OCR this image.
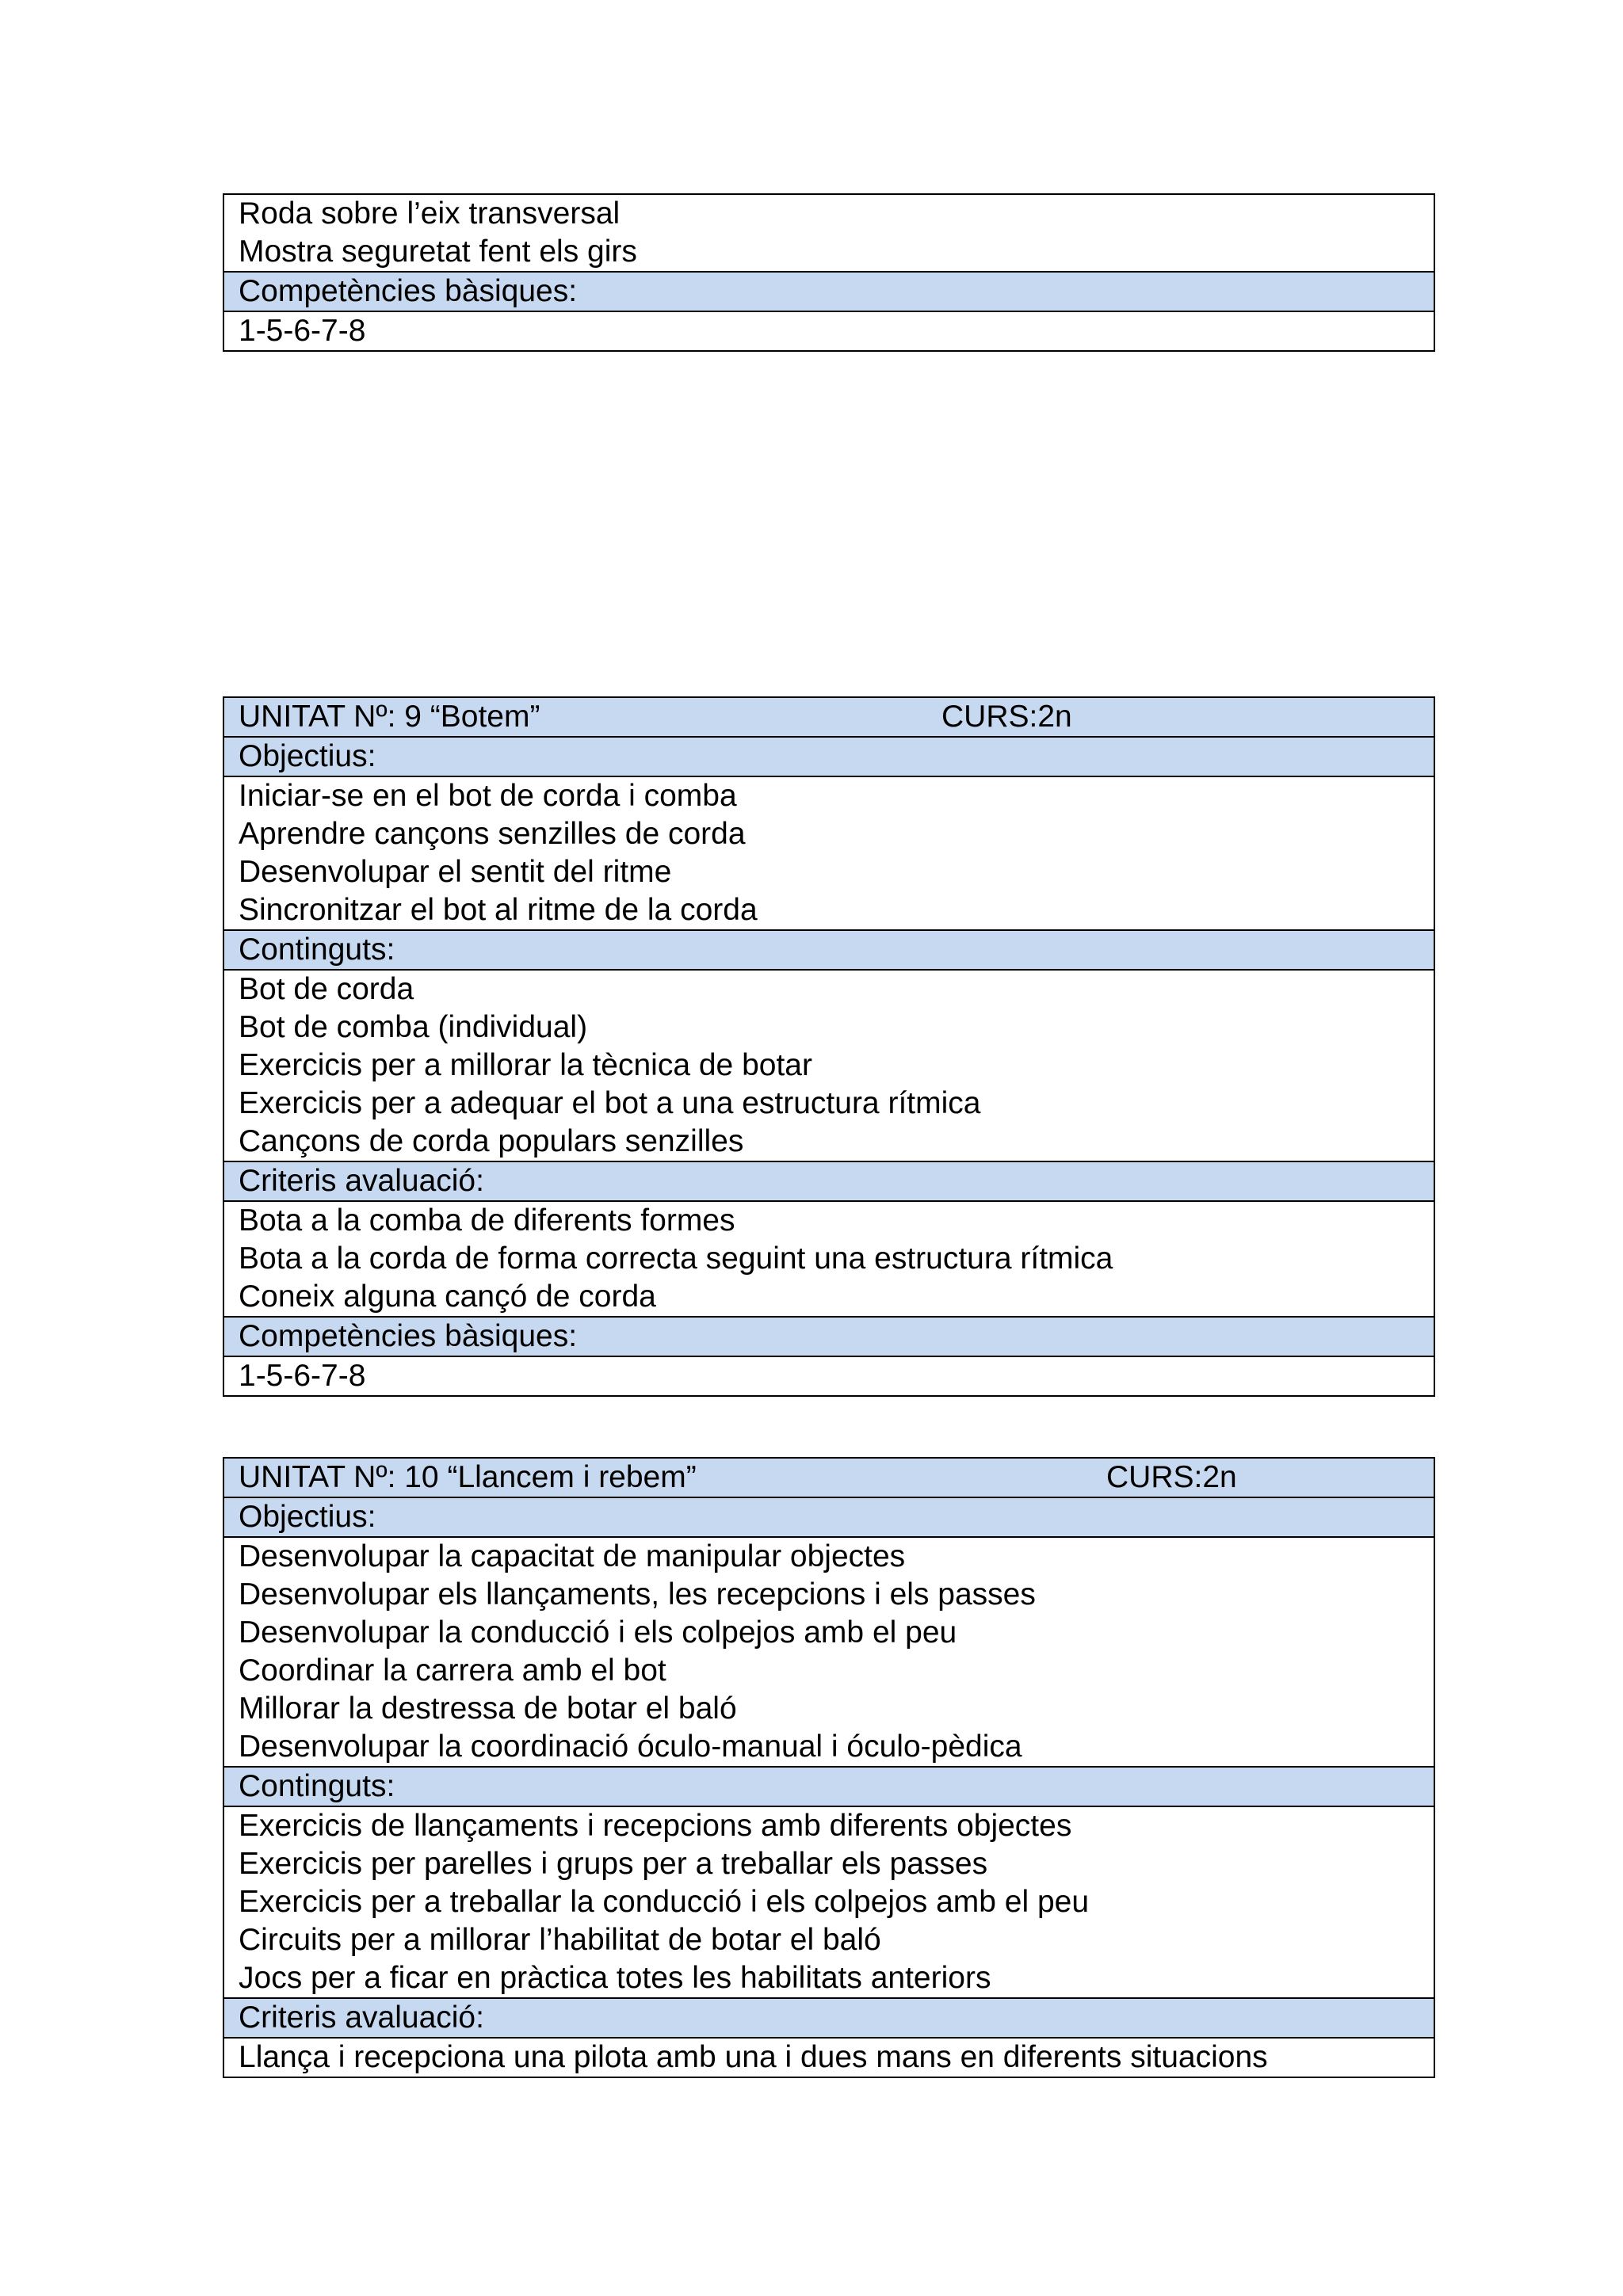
Roda sobre l’eix transversal
Mostra seguretat fent els girs
Competències bàsiques:
1-5-6-7-8
UNITAT Nº: 9 “Botem”	CURS:2n
Objectius:
Iniciar-se en el bot de corda i comba
Aprendre cançons senzilles de corda
Desenvolupar el sentit del ritme
Sincronitzar el bot al ritme de la corda
Continguts:
Bot de corda
Bot de comba (individual)
Exercicis per a millorar la tècnica de botar
Exercicis per a adequar el bot a una estructura rítmica
Cançons de corda populars senzilles
Criteris avaluació:
Bota a la comba de diferents formes
Bota a la corda de forma correcta seguint una estructura rítmica
Coneix alguna cançó de corda
Competències bàsiques:
1-5-6-7-8
UNITAT Nº: 10 “Llancem i rebem”	CURS:2n
Objectius:
Desenvolupar la capacitat de manipular objectes
Desenvolupar els llançaments, les recepcions i els passes
Desenvolupar la conducció i els colpejos amb el peu
Coordinar la carrera amb el bot
Millorar la destressa de botar el baló
Desenvolupar la coordinació óculo-manual i óculo-pèdica
Continguts:
Exercicis de llançaments i recepcions amb diferents objectes
Exercicis per parelles i grups per a treballar els passes
Exercicis per a treballar la conducció i els colpejos amb el peu
Circuits per a millorar l’habilitat de botar el baló
Jocs per a ficar en pràctica totes les habilitats anteriors
Criteris avaluació:
Llança i recepciona una pilota amb una i dues mans en diferents situacions
